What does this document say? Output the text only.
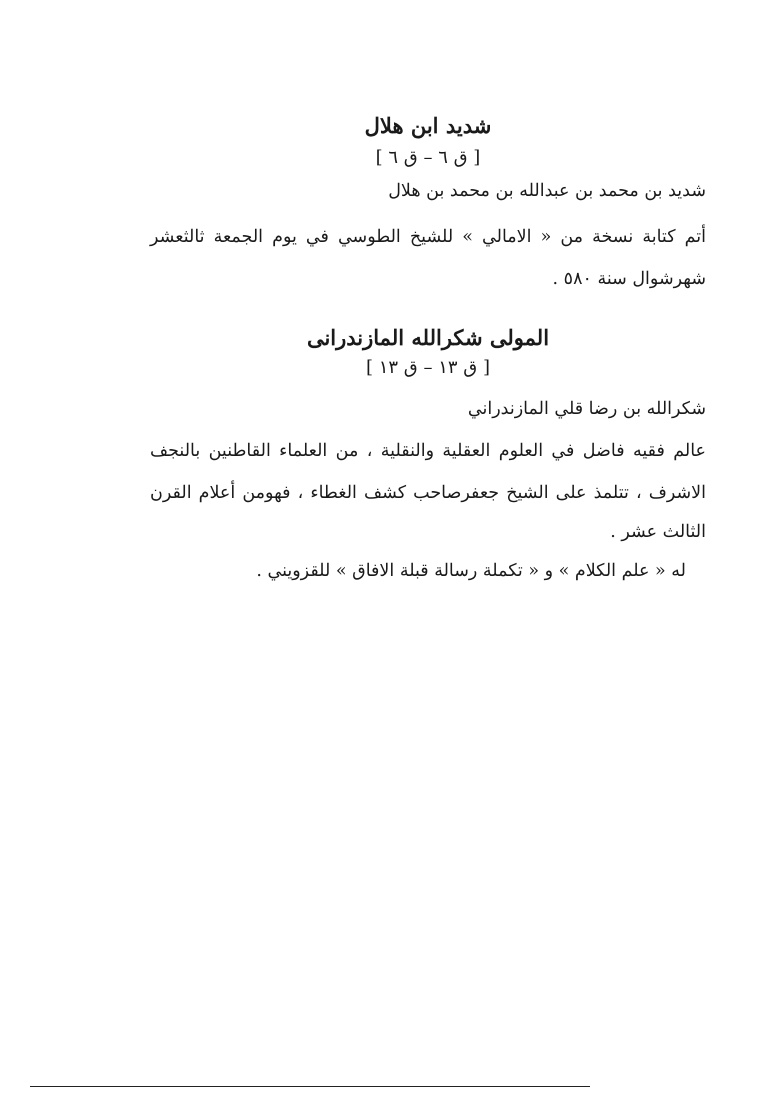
شديد ابن هلال
[ ق ٦ – ق ٦ ]
شديد بن محمد بن عبدالله بن محمد بن هلال
أتم كتابة نسخة من « الامالي » للشيخ الطوسي في يوم الجمعة ثالثعشر
شهرشوال سنة ٥٨٠ .
المولى شكرالله المازندرانى
[ ق ١٣ – ق ١٣ ]
شكرالله بن رضا قلي المازندراني
عالم فقيه فاضل في العلوم العقلية والنقلية ، من العلماء القاطنين بالنجف
الاشرف ، تتلمذ على الشيخ جعفرصاحب كشف الغطاء ، فهومن أعلام القرن
الثالث عشر .
له « علم الكلام » و « تكملة رسالة قبلة الافاق » للقزويني .
